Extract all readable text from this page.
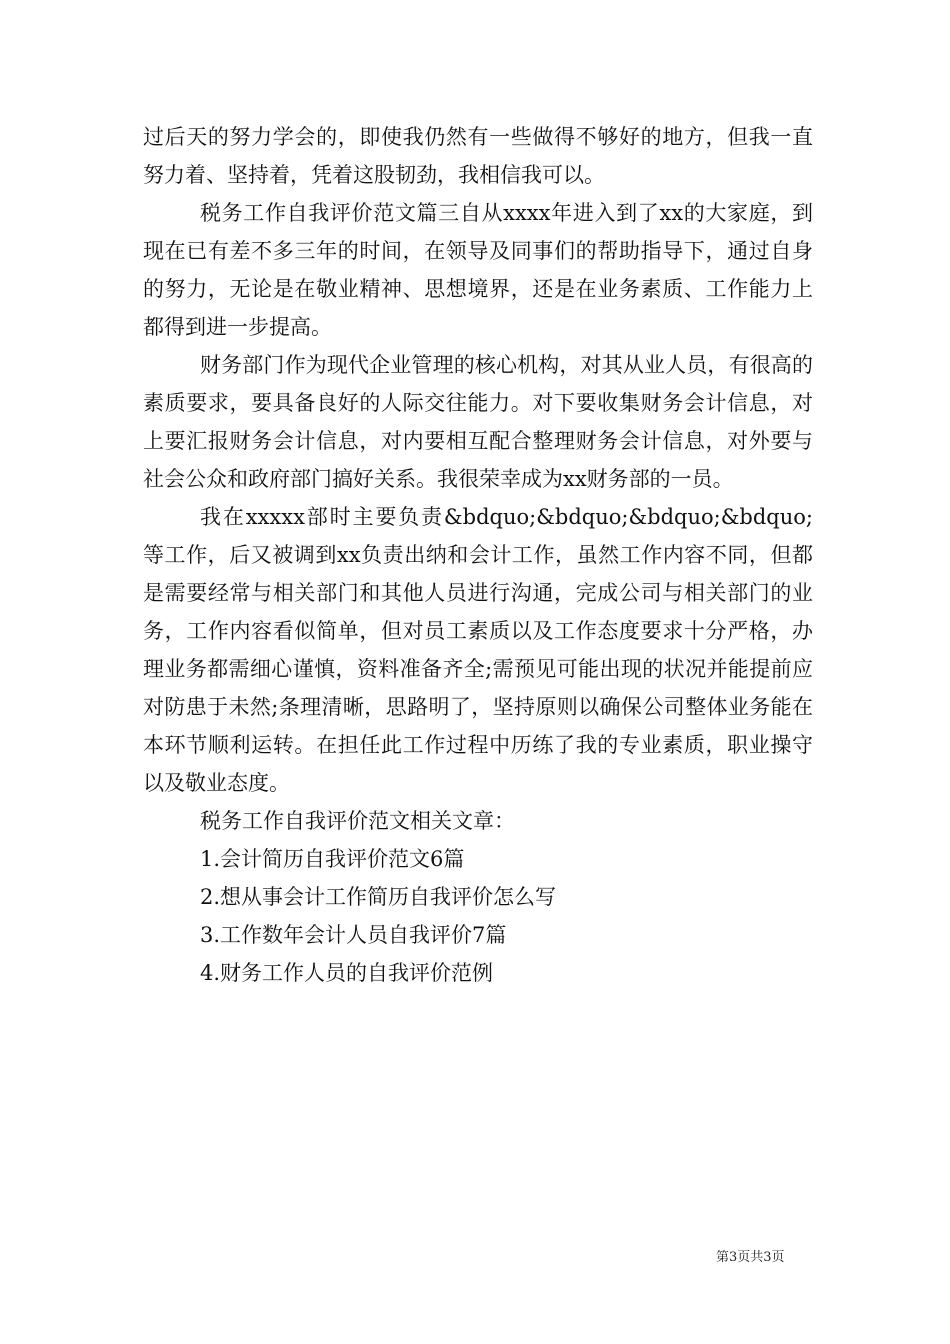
过后天的努力学会的，即使我仍然有一些做得不够好的地方，但我一直努力着、坚持着，凭着这股韧劲，我相信我可以。

税务工作自我评价范文篇三自从xxxx年进入到了xx的大家庭，到现在已有差不多三年的时间，在领导及同事们的帮助指导下，通过自身的努力，无论是在敬业精神、思想境界，还是在业务素质、工作能力上都得到进一步提高。

财务部门作为现代企业管理的核心机构，对其从业人员，有很高的素质要求，要具备良好的人际交往能力。对下要收集财务会计信息，对上要汇报财务会计信息，对内要相互配合整理财务会计信息，对外要与社会公众和政府部门搞好关系。我很荣幸成为xx财务部的一员。

我在xxxxx部时主要负责&bdquo;&bdquo;&bdquo;&bdquo;等工作，后又被调到xx负责出纳和会计工作，虽然工作内容不同，但都是需要经常与相关部门和其他人员进行沟通，完成公司与相关部门的业务，工作内容看似简单，但对员工素质以及工作态度要求十分严格，办理业务都需细心谨慎，资料准备齐全;需预见可能出现的状况并能提前应对防患于未然;条理清晰，思路明了，坚持原则以确保公司整体业务能在本环节顺利运转。在担任此工作过程中历练了我的专业素质，职业操守以及敬业态度。

税务工作自我评价范文相关文章：

1.会计简历自我评价范文6篇

2.想从事会计工作简历自我评价怎么写

3.工作数年会计人员自我评价7篇

4.财务工作人员的自我评价范例

第3页共3页
